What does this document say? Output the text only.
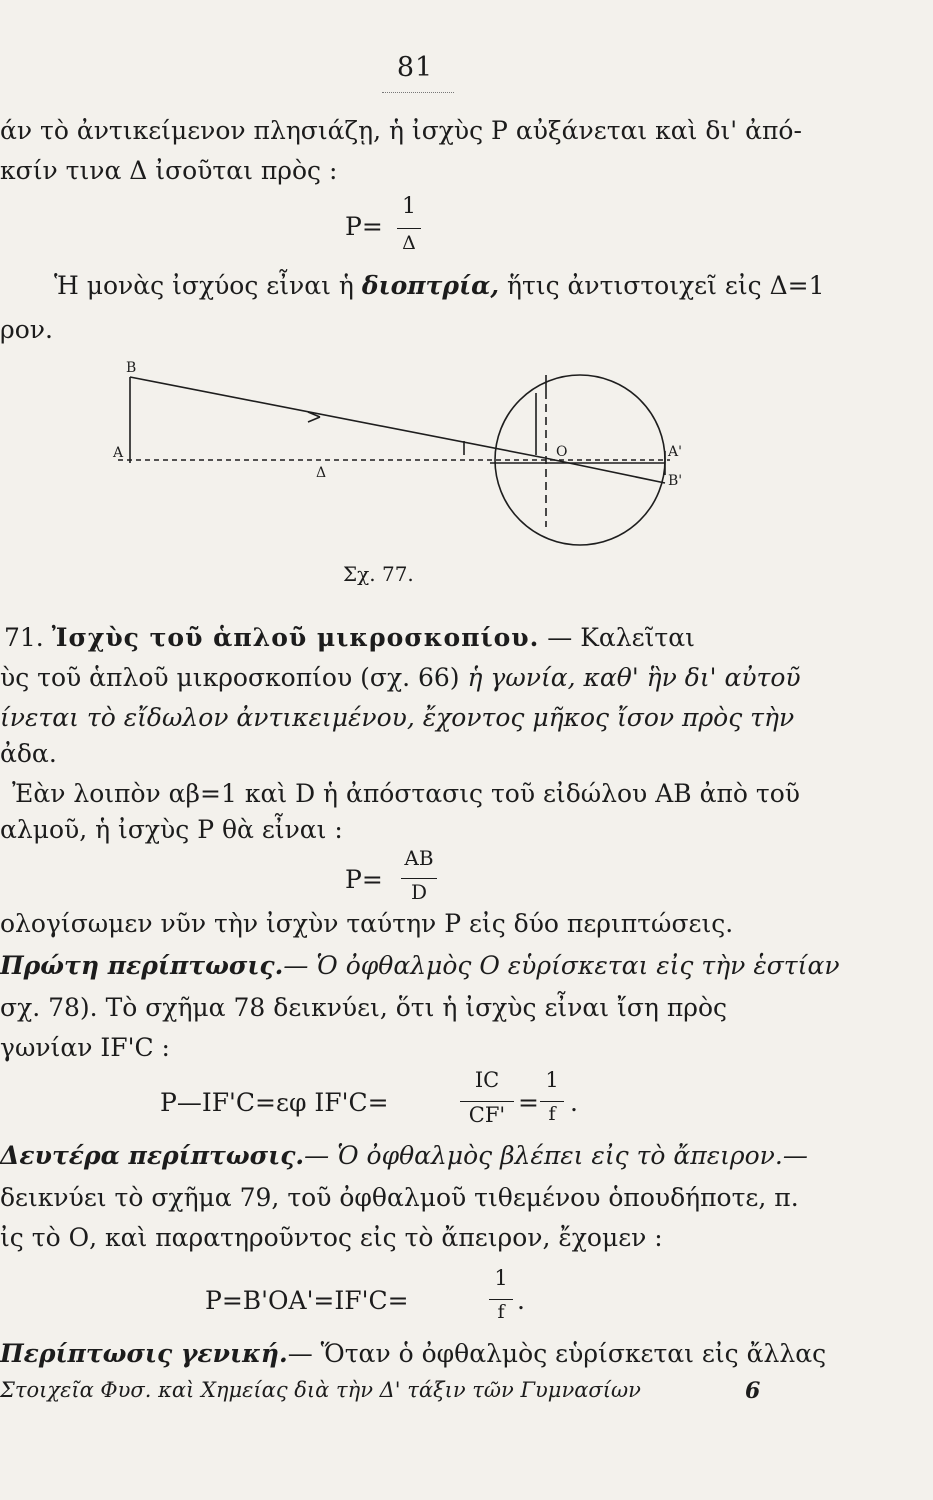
81
άν τὸ ἀντικείμενον πλησιάζῃ, ἡ ἰσχὺς P αὐξάνεται καὶ δι' ἀπό-
κσίν τινα Δ ἰσοῦται πρὸς :
P=
1
Δ
Ἡ μονὰς ἰσχύος εἶναι ἡ διοπτρία, ἥτις ἀντιστοιχεῖ εἰς Δ=1
ρον.
B
A
Δ
O	A'
B'
Σχ. 77.
71. Ἰσχὺς τοῦ ἁπλοῦ μικροσκοπίου. — Καλεῖται
ὺς τοῦ ἁπλοῦ μικροσκοπίου (σχ. 66) ἡ γωνία, καθ' ἣν δι' αὐτοῦ
ίνεται τὸ εἴδωλον ἀντικειμένου, ἔχοντος μῆκος ἴσον πρὸς τὴν
ἀδα.
Ἐὰν λοιπὸν αβ=1 καὶ D ἡ ἀπόστασις τοῦ εἰδώλου AB ἀπὸ τοῦ
αλμοῦ, ἡ ἰσχὺς P θὰ εἶναι :
P=
AB
D
ολογίσωμεν νῦν τὴν ἰσχὺν ταύτην P εἰς δύο περιπτώσεις.
Πρώτη περίπτωσις.— Ὁ ὀφθαλμὸς Ο εὑρίσκεται εἰς τὴν ἑστίαν
σχ. 78). Τὸ σχῆμα 78 δεικνύει, ὅτι ἡ ἰσχὺς εἶναι ἴση πρὸς
γωνίαν IF'C :
P—IF'C=εφ IF'C=
IC
CF' =
1
f .
Δευτέρα περίπτωσις.— Ὁ ὀφθαλμὸς βλέπει εἰς τὸ ἄπειρον.—
δεικνύει τὸ σχῆμα 79, τοῦ ὀφθαλμοῦ τιθεμένου ὁπουδήποτε, π.
ἰς τὸ Ο, καὶ παρατηροῦντος εἰς τὸ ἄπειρον, ἔχομεν :
P=B'OA'=IF'C=
1
f .
Περίπτωσις γενική.— Ὅταν ὁ ὀφθαλμὸς εὑρίσκεται εἰς ἄλλας
Στοιχεῖα Φυσ. καὶ Χημείας διὰ τὴν Δ' τάξιν τῶν Γυμνασίων	6
